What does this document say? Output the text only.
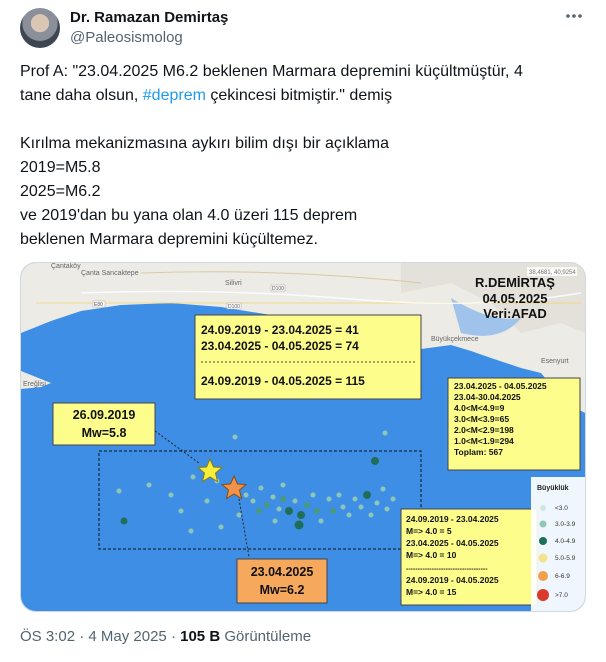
Dr. Ramazan Demirtaş
@Paleosismolog

Prof A: "23.04.2025 M6.2 beklenen Marmara depremini küçültmüştür, 4

tane daha olsun, #deprem çekincesi bitmiştir." demiş

Kırılma mekanizmasına aykırı bilim dışı bir açıklama

2019=M5.8

2025=M6.2

ve 2019'dan bu yana olan 4.0 üzeri 115 deprem

beklenen Marmara depremini küçültemez.

Silivri
Büyükçekmece
Esenyurt
Ereğlisi
Çanta Sancaktepe
Çantaköy
D100
E80	D100
38,4681, 40,9254
R.DEMİRTAŞ
04.05.2025
Veri:AFAD
24.09.2019 - 23.04.2025 = 41
23.04.2025 - 04.05.2025 = 74
24.09.2019 - 04.05.2025 = 115	23.04.2025 - 04.05.2025
23.04-30.04.2025
4.0<M<4.9=9
3.0<M<3.9=65
2.0<M<2.9=198
1.0<M<1.9=294
Toplam: 567
26.09.2019
Mw=5.8
23.04.2025
Mw=6.2
24.09.2019 - 23.04.2025
M=> 4.0 = 5
23.04.2025 - 04.05.2025
M=> 4.0 = 10
-----------------------------------
24.09.2019 - 04.05.2025
M=> 4.0 = 15
Büyüklük
<3.0
3.0-3.9
4.0-4.9
5.0-5.9
6-6.9
>7.0
ÖS 3:02 · 4 May 2025 · 105 B Görüntüleme
